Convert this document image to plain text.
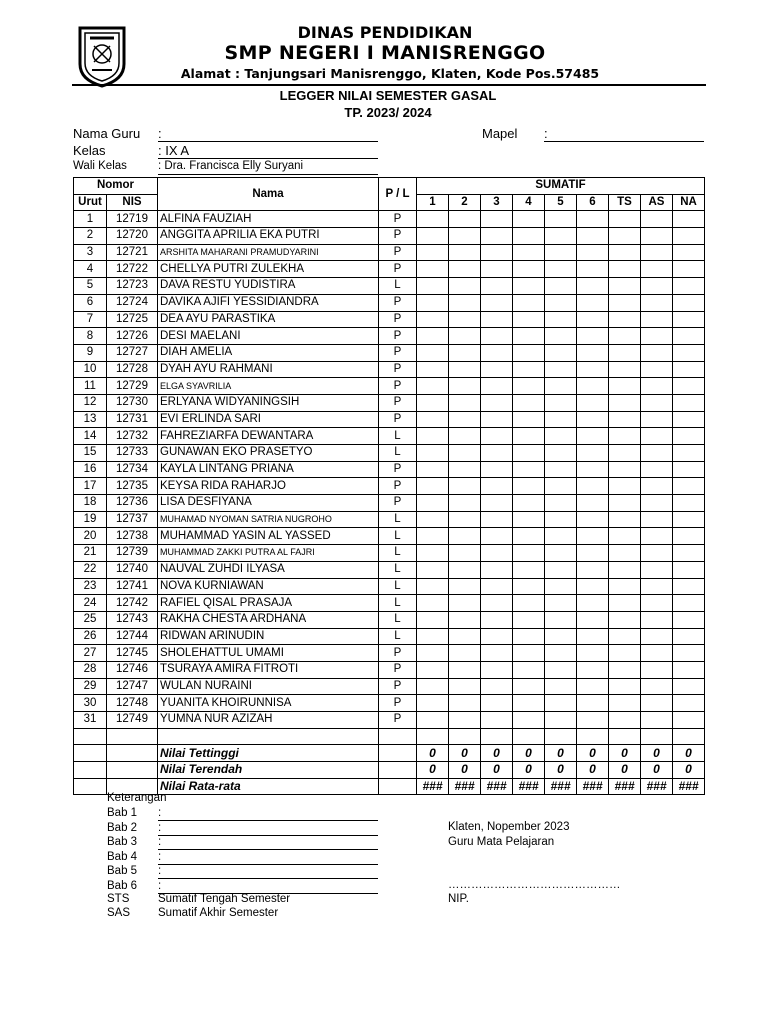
DINAS PENDIDIKAN
SMP NEGERI I MANISRENGGO
Alamat : Tanjungsari Manisrenggo, Klaten, Kode Pos.57485
LEGGER NILAI SEMESTER GASAL
TP. 2023/ 2024
Nama Guru :	Mapel :
Kelas	: IX A
Wali Kelas	: Dra. Francisca Elly Suryani
Nomor		Nama	P / L	SUMATIF								
Urut	NIS			1	2	3	4	5	6	TS	AS	NA
1	12719	ALFINA FAUZIAH	P									
2	12720	ANGGITA APRILIA EKA PUTRI	P									
3	12721	ARSHITA MAHARANI PRAMUDYARINI	P									
4	12722	CHELLYA PUTRI ZULEKHA	P									
5	12723	DAVA RESTU YUDISTIRA	L									
6	12724	DAVIKA AJIFI YESSIDIANDRA	P									
7	12725	DEA AYU PARASTIKA	P									
8	12726	DESI MAELANI	P									
9	12727	DIAH AMELIA	P									
10	12728	DYAH AYU RAHMANI	P									
11	12729	ELGA SYAVRILIA	P									
12	12730	ERLYANA WIDYANINGSIH	P									
13	12731	EVI ERLINDA SARI	P									
14	12732	FAHREZIARFA DEWANTARA	L									
15	12733	GUNAWAN EKO PRASETYO	L									
16	12734	KAYLA LINTANG PRIANA	P									
17	12735	KEYSA RIDA RAHARJO	P									
18	12736	LISA DESFIYANA	P									
19	12737	MUHAMAD NYOMAN SATRIA NUGROHO	L									
20	12738	MUHAMMAD YASIN AL YASSED	L									
21	12739	MUHAMMAD ZAKKI PUTRA AL FAJRI	L									
22	12740	NAUVAL ZUHDI ILYASA	L									
23	12741	NOVA KURNIAWAN	L									
24	12742	RAFIEL QISAL PRASAJA	L									
25	12743	RAKHA CHESTA ARDHANA	L									
26	12744	RIDWAN ARINUDIN	L									
27	12745	SHOLEHATTUL UMAMI	P									
28	12746	TSURAYA AMIRA FITROTI	P									
29	12747	WULAN NURAINI	P									
30	12748	YUANITA KHOIRUNNISA	P									
31	12749	YUMNA NUR AZIZAH	P									

		Nilai Tettinggi		0	0	0	0	0	0	0	0	0
		Nilai Terendah		0	0	0	0	0	0	0	0	0
		Nilai Rata-rata		###	###	###	###	###	###	###	###	###
Keterangan
Bab 1 :
Bab 2 :
Bab 3 :
Bab 4 :
Bab 5 :
Bab 6 :
STS Sumatif Tengah Semester
SAS Sumatif Akhir Semester
Klaten, Nopember 2023
Guru Mata Pelajaran
………………………………………
NIP.
